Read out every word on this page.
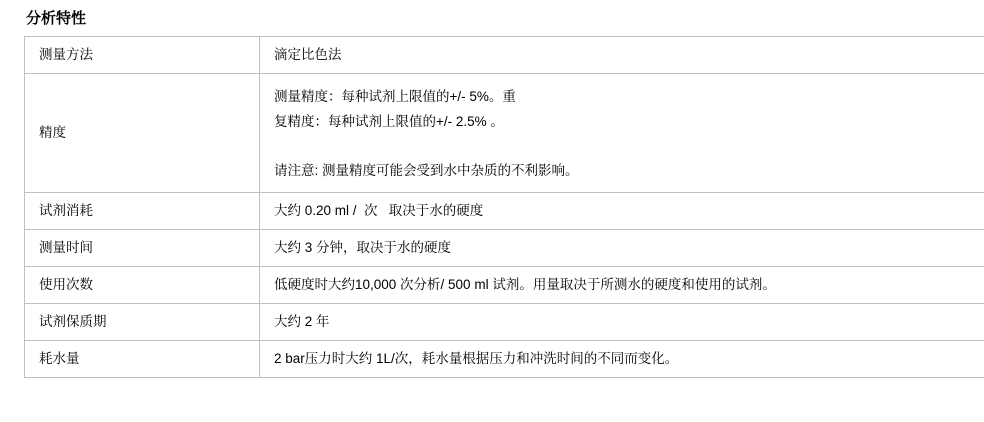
分析特性
测量方法	滴定比色法
精度	测量精度：每种试剂上限值的+/- 5%。重

复精度：每种试剂上限值的+/- 2.5% 。

请注意: 测量精度可能会受到水中杂质的不利影响。

试剂消耗	大约 0.20 ml /  次   取决于水的硬度
测量时间	大约 3 分钟，取决于水的硬度
使用次数	低硬度时大约10,000 次分析/ 500 ml 试剂。用量取决于所测水的硬度和使用的试剂。
试剂保质期	大约 2 年
耗水量	2 bar压力时大约 1L/次，耗水量根据压力和冲洗时间的不同而变化。
